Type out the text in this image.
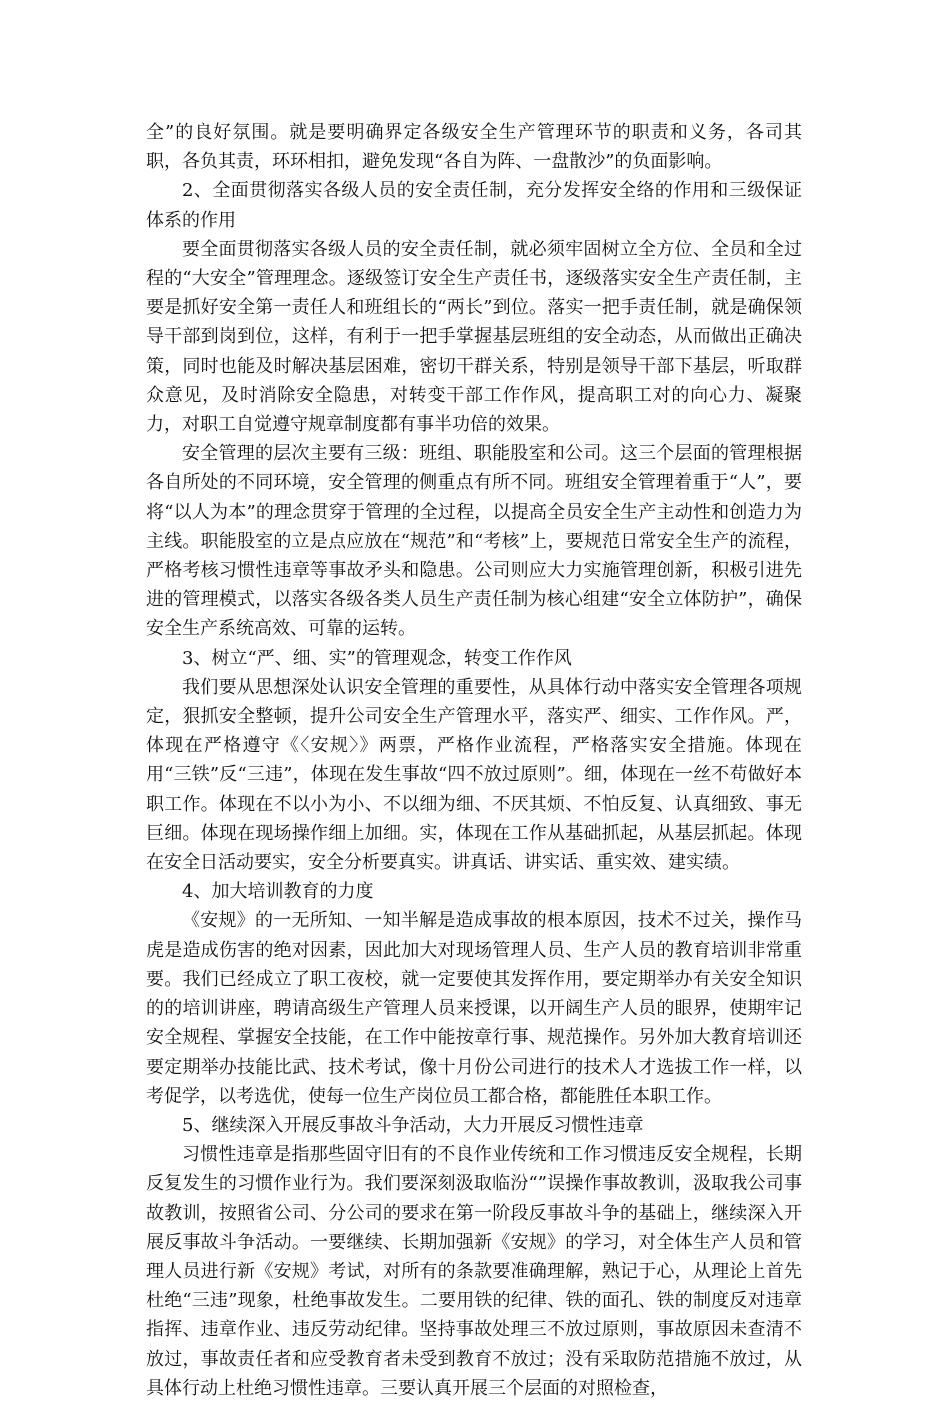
全”的良好氛围。就是要明确界定各级安全生产管理环节的职责和义务，各司其职，各负其责，环环相扣，避免发现“各自为阵、一盘散沙”的负面影响。

2、全面贯彻落实各级人员的安全责任制，充分发挥安全络的作用和三级保证体系的作用

要全面贯彻落实各级人员的安全责任制，就必须牢固树立全方位、全员和全过程的“大安全”管理理念。逐级签订安全生产责任书，逐级落实安全生产责任制，主要是抓好安全第一责任人和班组长的“两长”到位。落实一把手责任制，就是确保领导干部到岗到位，这样，有利于一把手掌握基层班组的安全动态，从而做出正确决策，同时也能及时解决基层困难，密切干群关系，特别是领导干部下基层，听取群众意见，及时消除安全隐患，对转变干部工作作风，提高职工对的向心力、凝聚力，对职工自觉遵守规章制度都有事半功倍的效果。

安全管理的层次主要有三级：班组、职能股室和公司。这三个层面的管理根据各自所处的不同环境，安全管理的侧重点有所不同。班组安全管理着重于“人”，要将“以人为本”的理念贯穿于管理的全过程，以提高全员安全生产主动性和创造力为主线。职能股室的立是点应放在“规范”和“考核”上，要规范日常安全生产的流程，严格考核习惯性违章等事故矛头和隐患。公司则应大力实施管理创新，积极引进先进的管理模式，以落实各级各类人员生产责任制为核心组建“安全立体防护”，确保安全生产系统高效、可靠的运转。

3、树立“严、细、实”的管理观念，转变工作作风

我们要从思想深处认识安全管理的重要性，从具体行动中落实安全管理各项规定，狠抓安全整顿，提升公司安全生产管理水平，落实严、细实、工作作风。严，体现在严格遵守《〈安规〉》两票，严格作业流程，严格落实安全措施。体现在用“三铁”反“三违”，体现在发生事故“四不放过原则”。细，体现在一丝不苟做好本职工作。体现在不以小为小、不以细为细、不厌其烦、不怕反复、认真细致、事无巨细。体现在现场操作细上加细。实，体现在工作从基础抓起，从基层抓起。体现在安全日活动要实，安全分析要真实。讲真话、讲实话、重实效、建实绩。

4、加大培训教育的力度

《安规》的一无所知、一知半解是造成事故的根本原因，技术不过关，操作马虎是造成伤害的绝对因素，因此加大对现场管理人员、生产人员的教育培训非常重要。我们已经成立了职工夜校，就一定要使其发挥作用，要定期举办有关安全知识的的培训讲座，聘请高级生产管理人员来授课，以开阔生产人员的眼界，使期牢记安全规程、掌握安全技能，在工作中能按章行事、规范操作。另外加大教育培训还要定期举办技能比武、技术考试，像十月份公司进行的技术人才选拔工作一样，以考促学，以考选优，使每一位生产岗位员工都合格，都能胜任本职工作。

5、继续深入开展反事故斗争活动，大力开展反习惯性违章

习惯性违章是指那些固守旧有的不良作业传统和工作习惯违反安全规程，长期反复发生的习惯作业行为。我们要深刻汲取临汾“”误操作事故教训，汲取我公司事故教训，按照省公司、分公司的要求在第一阶段反事故斗争的基础上，继续深入开展反事故斗争活动。一要继续、长期加强新《安规》的学习，对全体生产人员和管理人员进行新《安规》考试，对所有的条款要准确理解，熟记于心，从理论上首先杜绝“三违”现象，杜绝事故发生。二要用铁的纪律、铁的面孔、铁的制度反对违章指挥、违章作业、违反劳动纪律。坚持事故处理三不放过原则，事故原因未查清不放过，事故责任者和应受教育者未受到教育不放过；没有采取防范措施不放过，从具体行动上杜绝习惯性违章。三要认真开展三个层面的对照检查，
